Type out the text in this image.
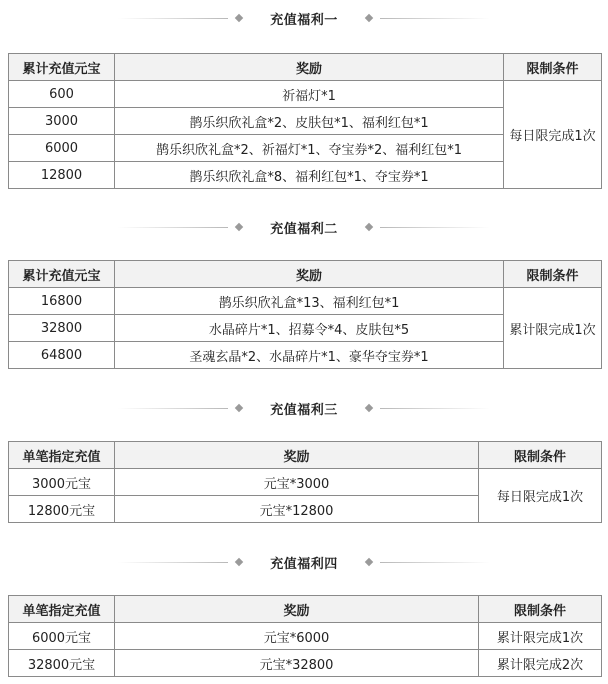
充值福利一
累计充值元宝	奖励	限制条件
600	祈福灯*1	每日限完成1次
3000	鹊乐织欣礼盒*2、皮肤包*1、福利红包*1	
6000	鹊乐织欣礼盒*2、祈福灯*1、夺宝券*2、福利红包*1	
12800	鹊乐织欣礼盒*8、福利红包*1、夺宝券*1	
充值福利二
累计充值元宝	奖励	限制条件
16800	鹊乐织欣礼盒*13、福利红包*1	累计限完成1次
32800	水晶碎片*1、招募令*4、皮肤包*5	
64800	圣魂玄晶*2、水晶碎片*1、豪华夺宝券*1	
充值福利三
单笔指定充值	奖励	限制条件
3000元宝	元宝*3000	每日限完成1次
12800元宝	元宝*12800	
充值福利四
单笔指定充值	奖励	限制条件
6000元宝	元宝*6000	累计限完成1次
32800元宝	元宝*32800	累计限完成2次
